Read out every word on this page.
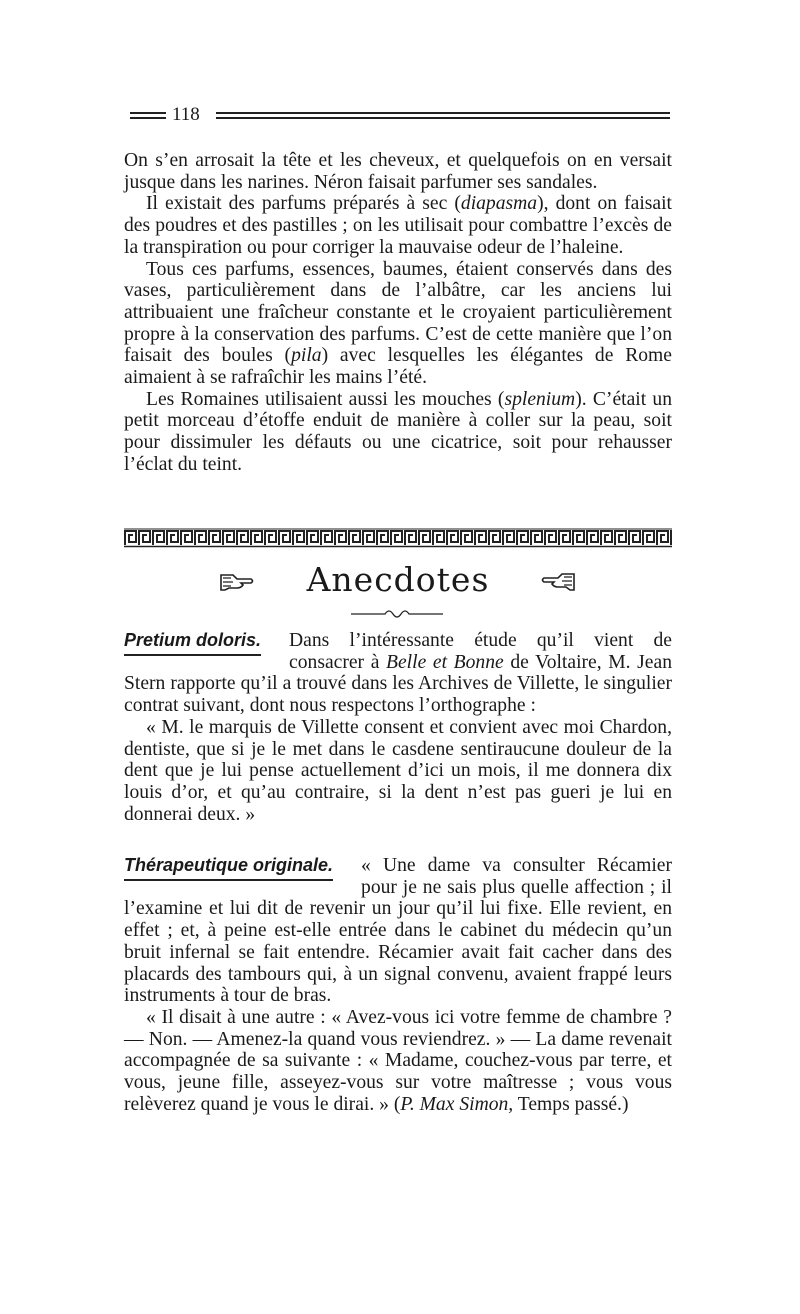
118

On s’en arrosait la tête et les cheveux, et quelquefois on en versait jusque dans les narines. Néron faisait parfumer ses sandales.

Il existait des parfums préparés à sec (diapasma), dont on faisait des poudres et des pastilles ; on les utilisait pour combattre l’excès de la transpiration ou pour corriger la mauvaise odeur de l’haleine.

Tous ces parfums, essences, baumes, étaient conservés dans des vases, particulièrement dans de l’albâtre, car les anciens lui attribuaient une fraîcheur constante et le croyaient particulièrement propre à la conservation des parfums. C’est de cette manière que l’on faisait des boules (pila) avec lesquelles les élégantes de Rome aimaient à se rafraîchir les mains l’été.

Les Romaines utilisaient aussi les mouches (splenium). C’était un petit morceau d’étoffe enduit de manière à coller sur la peau, soit pour dissimuler les défauts ou une cicatrice, soit pour rehausser l’éclat du teint.

Anecdotes

Pretium doloris. Dans l’intéressante étude qu’il vient de consacrer à Belle et Bonne de Voltaire, M. Jean Stern rapporte qu’il a trouvé dans les Archives de Villette, le singulier contrat suivant, dont nous respectons l’orthographe :

« M. le marquis de Villette consent et convient avec moi Chardon, dentiste, que si je le met dans le casdene sentiraucune douleur de la dent que je lui pense actuellement d’ici un mois, il me donnera dix louis d’or, et qu’au contraire, si la dent n’est pas gueri je lui en donnerai deux. »

Thérapeutique originale. « Une dame va consulter Récamier pour je ne sais plus quelle affection ; il l’examine et lui dit de revenir un jour qu’il lui fixe. Elle revient, en effet ; et, à peine est-elle entrée dans le cabinet du médecin qu’un bruit infernal se fait entendre. Récamier avait fait cacher dans des placards des tambours qui, à un signal convenu, avaient frappé leurs instruments à tour de bras.

« Il disait à une autre : « Avez-vous ici votre femme de chambre ? — Non. — Amenez-la quand vous reviendrez. » — La dame revenait accompagnée de sa suivante : « Madame, couchez-vous par terre, et vous, jeune fille, asseyez-vous sur votre maîtresse ; vous vous relèverez quand je vous le dirai. » (P. Max Simon, Temps passé.)
